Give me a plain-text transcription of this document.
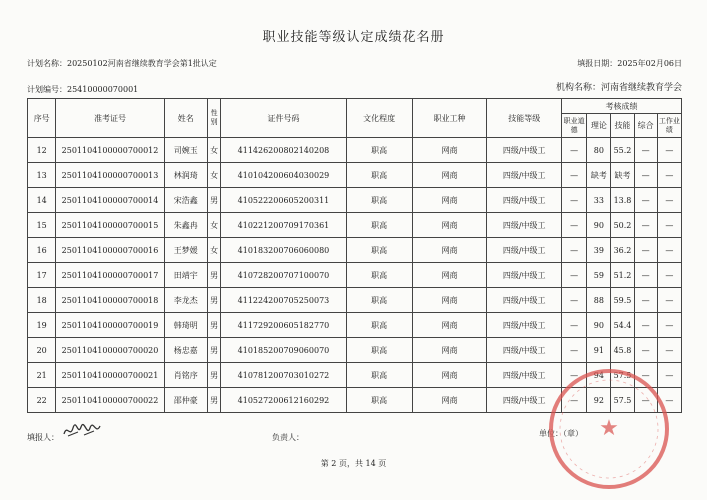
职业技能等级认定成绩花名册
计划名称：20250102河南省继续教育学会第1批认定	填报日期：2025年02月06日
计划编号：25410000070001	机构名称：河南省继续教育学会
序号	准考证号	姓名	性别	证件号码	文化程度	职业工种	技能等级	考核成绩				
								职业道德	理论	技能	综合	工作业绩
12	2501104100000700012	司婉玉	女	411426200802140208	职高	网商	四级/中级工	—	80	55.2	—	—
13	2501104100000700013	林润琦	女	410104200604030029	职高	网商	四级/中级工	—	缺考	缺考	—	—
14	2501104100000700014	宋浩鑫	男	410522200605200311	职高	网商	四级/中级工	—	33	13.8	—	—
15	2501104100000700015	朱鑫冉	女	410221200709170361	职高	网商	四级/中级工	—	90	50.2	—	—
16	2501104100000700016	王梦媛	女	410183200706060080	职高	网商	四级/中级工	—	39	36.2	—	—
17	2501104100000700017	田靖宇	男	410728200707100070	职高	网商	四级/中级工	—	59	51.2	—	—
18	2501104100000700018	李龙杰	男	411224200705250073	职高	网商	四级/中级工	—	88	59.5	—	—
19	2501104100000700019	韩琦明	男	411729200605182770	职高	网商	四级/中级工	—	90	54.4	—	—
20	2501104100000700020	杨忠嘉	男	410185200709060070	职高	网商	四级/中级工	—	91	45.8	—	—
21	2501104100000700021	肖铭序	男	410781200703010272	职高	网商	四级/中级工	—	94	57.5	—	—
22	2501104100000700022	邵仲豪	男	410527200612160292	职高	网商	四级/中级工	—	92	57.5	—	—
填报人：	负责人：	单位：（章）
第 2 页，共 14 页
★
